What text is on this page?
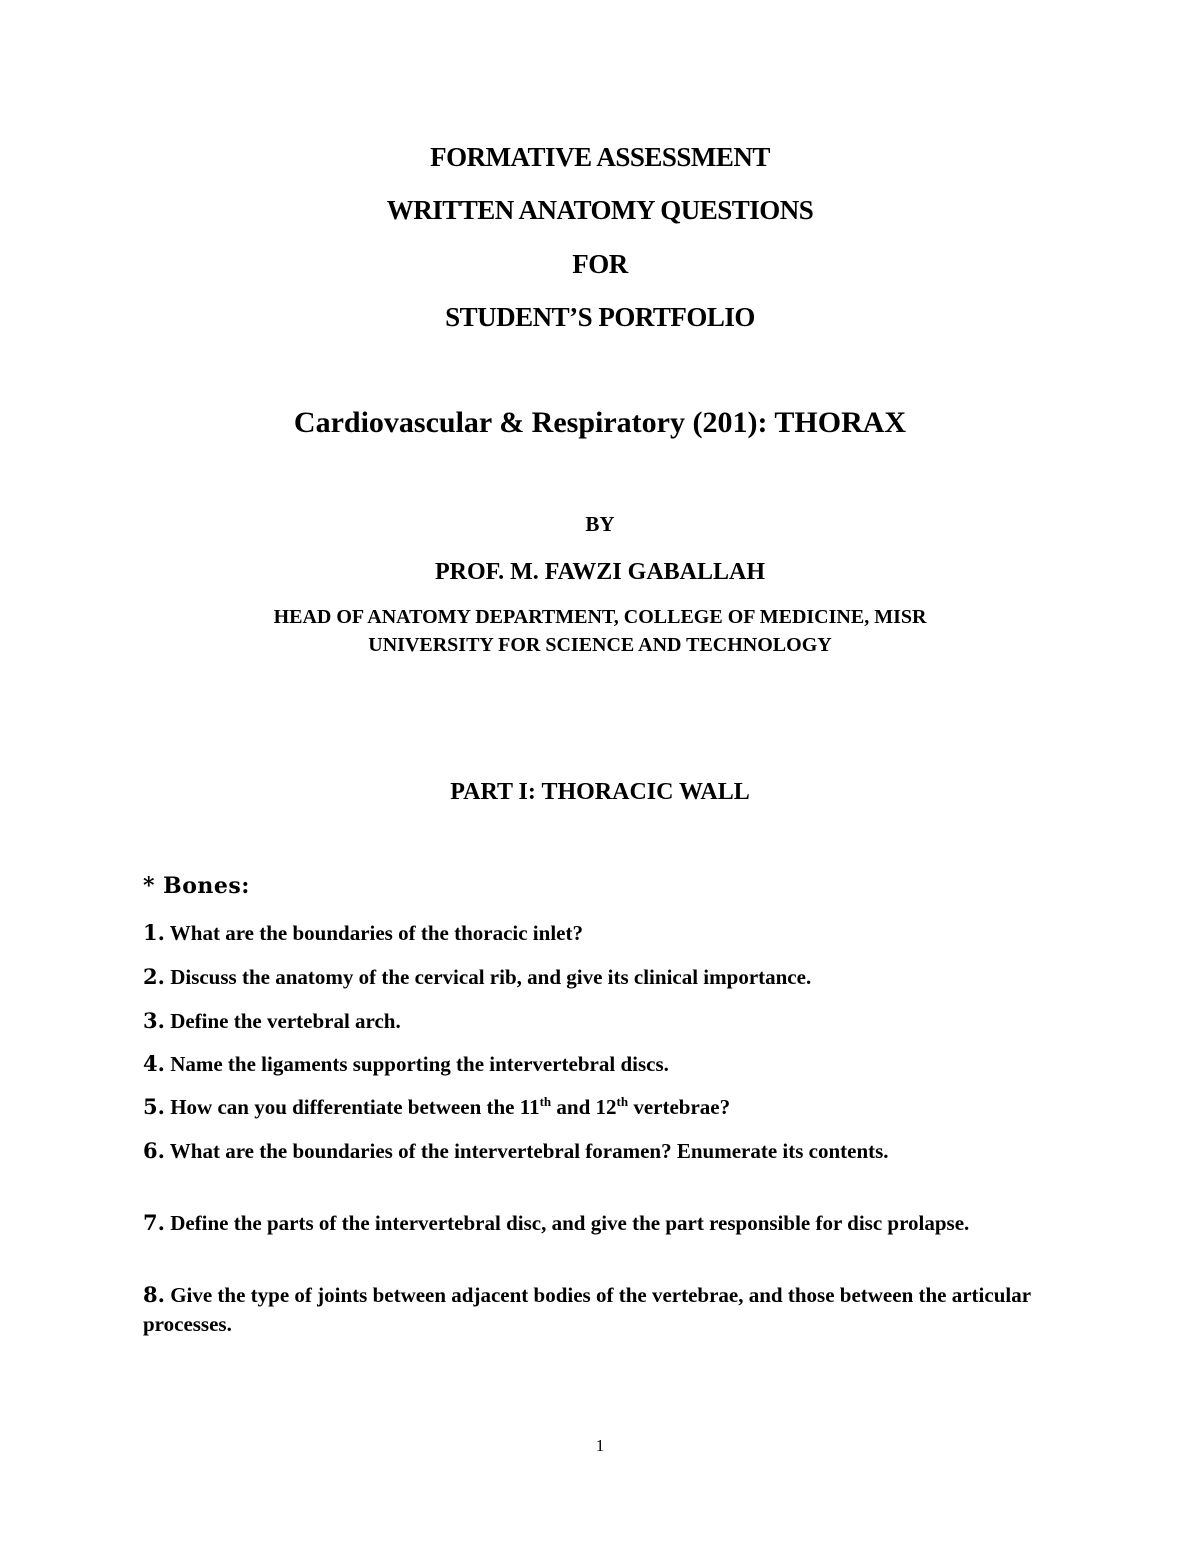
FORMATIVE ASSESSMENT
WRITTEN ANATOMY QUESTIONS
FOR
STUDENT’S PORTFOLIO
Cardiovascular & Respiratory (201): THORAX
BY
PROF. M. FAWZI GABALLAH
HEAD OF ANATOMY DEPARTMENT, COLLEGE OF MEDICINE, MISR
UNIVERSITY FOR SCIENCE AND TECHNOLOGY
PART I: THORACIC WALL
* Bones:
1. What are the boundaries of the thoracic inlet?
2. Discuss the anatomy of the cervical rib, and give its clinical importance.
3. Define the vertebral arch.
4. Name the ligaments supporting the intervertebral discs.
5. How can you differentiate between the 11th and 12th vertebrae?
6. What are the boundaries of the intervertebral foramen? Enumerate its contents.
7. Define the parts of the intervertebral disc, and give the part responsible for disc prolapse.
8. Give the type of joints between adjacent bodies of the vertebrae, and those between the articular processes.
1
